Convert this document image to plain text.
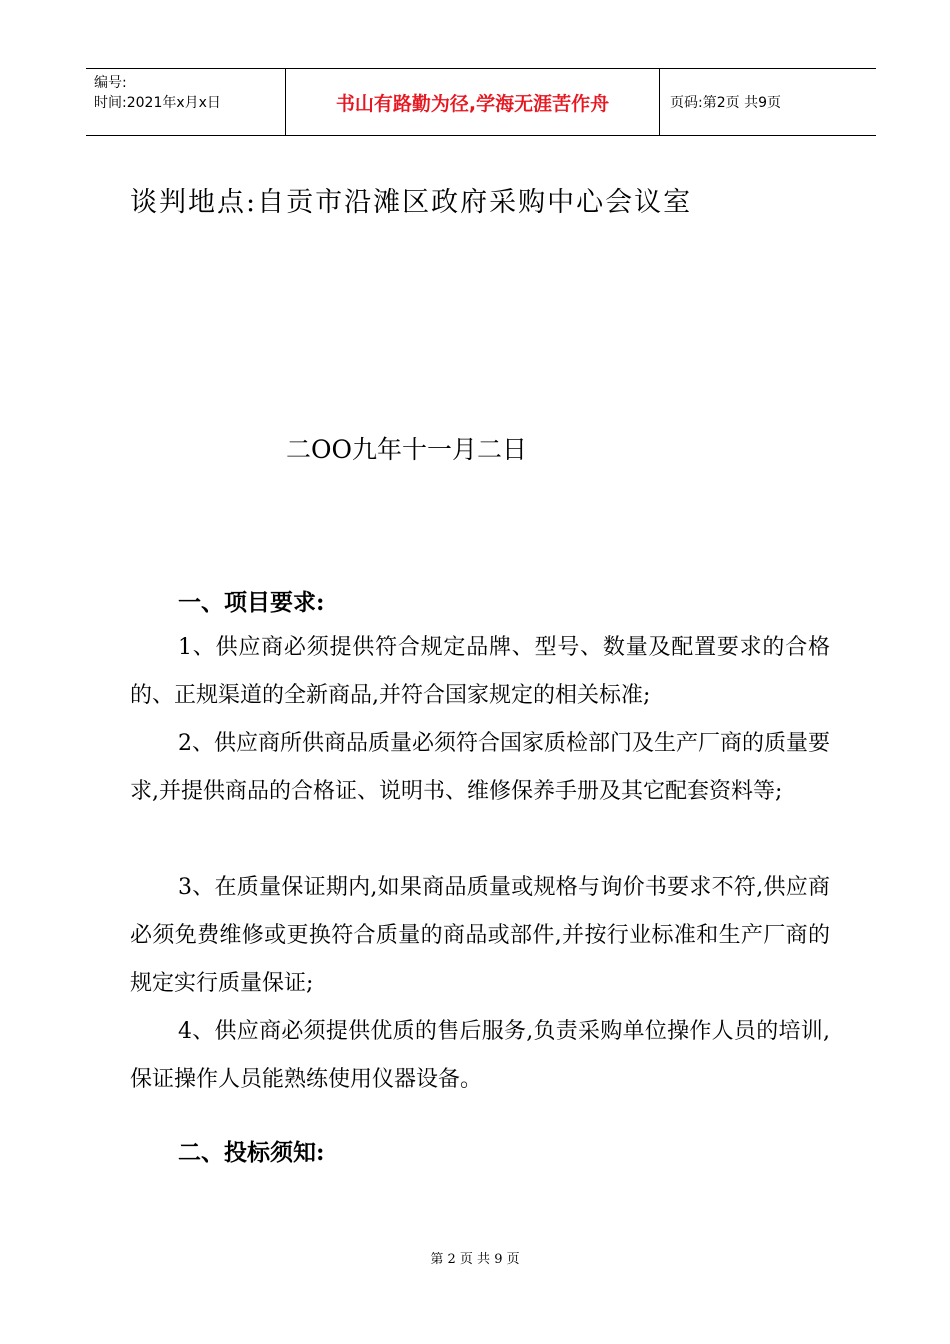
编号:
时间:2021年x月x日	书山有路勤为径,学海无涯苦作舟	页码:第2页 共9页
谈判地点:自贡市沿滩区政府采购中心会议室
二OO九年十一月二日
一、项目要求:
1、供应商必须提供符合规定品牌、型号、数量及配置要求的合格的、正规渠道的全新商品,并符合国家规定的相关标准;
2、供应商所供商品质量必须符合国家质检部门及生产厂商的质量要求,并提供商品的合格证、说明书、维修保养手册及其它配套资料等;
3、在质量保证期内,如果商品质量或规格与询价书要求不符,供应商必须免费维修或更换符合质量的商品或部件,并按行业标准和生产厂商的规定实行质量保证;
4、供应商必须提供优质的售后服务,负责采购单位操作人员的培训,保证操作人员能熟练使用仪器设备。
二、投标须知:
第 2 页 共 9 页
